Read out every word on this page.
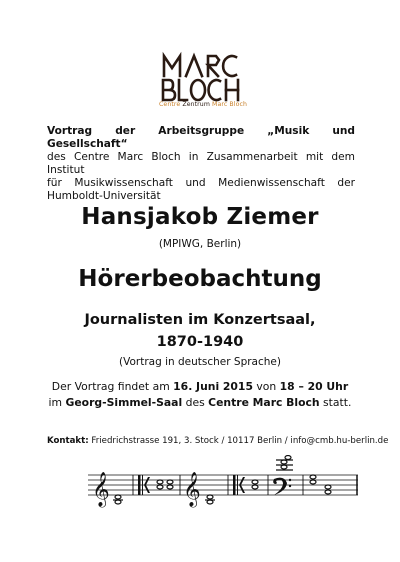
Centre Zentrum Marc Bloch
Vortrag der Arbeitsgruppe „Musik und Gesellschaft“
des Centre Marc Bloch in Zusammenarbeit mit dem Institut
für Musikwissenschaft und Medienwissenschaft der
Humboldt-Universität
Hansjakob Ziemer
(MPIWG, Berlin)
Hörerbeobachtung
Journalisten im Konzertsaal,
1870-1940
(Vortrag in deutscher Sprache)
Der Vortrag findet am 16. Juni 2015 von 18 – 20 Uhr
im Georg-Simmel-Saal des Centre Marc Bloch statt.
Kontakt: Friedrichstrasse 191, 3. Stock / 10117 Berlin / info@cmb.hu-berlin.de
𝄞 𝄞
